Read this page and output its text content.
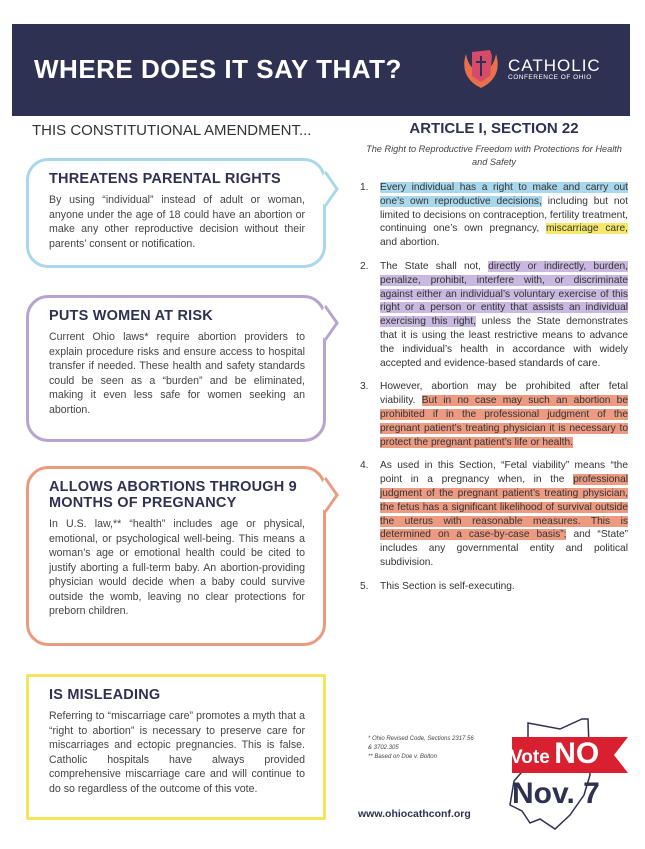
WHERE DOES IT SAY THAT?	CATHOLIC
CONFERENCE OF OHIO
THIS CONSTITUTIONAL AMENDMENT...
THREATENS PARENTAL RIGHTS

By using “individual” instead of adult or woman, anyone under the age of 18 could have an abortion or make any other reproductive decision without their parents’ consent or notification.

PUTS WOMEN AT RISK

Current Ohio laws* require abortion providers to explain procedure risks and ensure access to hospital transfer if needed. These health and safety standards could be seen as a “burden” and be eliminated, making it even less safe for women seeking an abortion.

ALLOWS ABORTIONS THROUGH 9 MONTHS OF PREGNANCY

In U.S. law,** “health” includes age or physical, emotional, or psychological well-being. This means a woman’s age or emotional health could be cited to justify aborting a full-term baby. An abortion-providing physician would decide when a baby could survive outside the womb, leaving no clear protections for preborn children.

IS MISLEADING

Referring to “miscarriage care” promotes a myth that a “right to abortion” is necessary to preserve care for miscarriages and ectopic pregnancies. This is false. Catholic hospitals have always provided comprehensive miscarriage care and will continue to do so regardless of the outcome of this vote.

ARTICLE I, SECTION 22
The Right to Reproductive Freedom with Protections for Health and Safety
1.	Every individual has a right to make and carry out one’s own reproductive decisions, including but not limited to decisions on contraception, fertility treatment, continuing one’s own pregnancy, miscarriage care, and abortion.
2.	The State shall not, directly or indirectly, burden, penalize, prohibit, interfere with, or discriminate against either an individual’s voluntary exercise of this right or a person or entity that assists an individual exercising this right, unless the State demonstrates that it is using the least restrictive means to advance the individual’s health in accordance with widely accepted and evidence-based standards of care.
3.	However, abortion may be prohibited after fetal viability. But in no case may such an abortion be prohibited if in the professional judgment of the pregnant patient’s treating physician it is necessary to protect the pregnant patient’s life or health.
4.	As used in this Section, “Fetal viability” means “the point in a pregnancy when, in the professional judgment of the pregnant patient’s treating physician, the fetus has a significant likelihood of survival outside the uterus with reasonable measures. This is determined on a case-by-case basis”; and “State” includes any governmental entity and political subdivision.
5.	This Section is self-executing.
* Ohio Revised Code, Sections 2317.56 & 3702.305
** Based on Doe v. Bolton
www.ohiocathconf.org
Vote NO
Nov. 7
